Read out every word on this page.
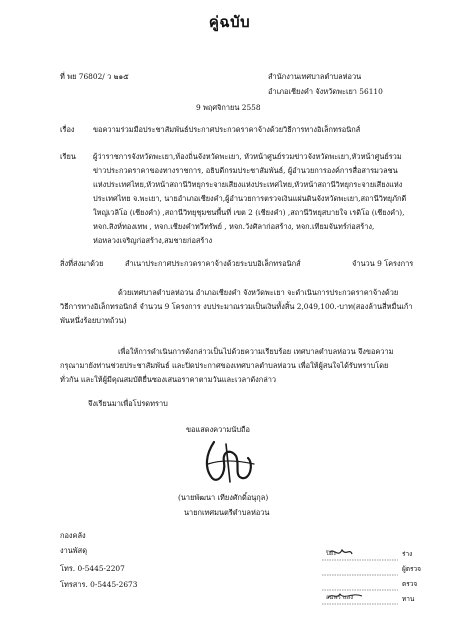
คู่ฉบับ
ที่ พย 76802/ ว ๒๑๕	สำนักงานเทศบาลตำบลห่อวน
อำเภอเชียงคำ จังหวัดพะเยา 56110
9 พฤศจิกายน 2558
เรื่อง ขอความร่วมมือประชาสัมพันธ์ประกาศประกวดราคาจ้างด้วยวิธีการทางอิเล็กทรอนิกส์
เรียน ผู้ว่าราชการจังหวัดพะเยา,ท้องถิ่นจังหวัดพะเยา, หัวหน้าศูนย์รวมข่าวจังหวัดพะเยา,หัวหน้าศูนย์รวม
ข่าวประกวดราคาของทางราชการ, อธิบดีกรมประชาสัมพันธ์, ผู้อำนวยการองค์การสื่อสารมวลชน
แห่งประเทศไทย,หัวหน้าสถานีวิทยุกระจายเสียงแห่งประเทศไทย,หัวหน้าสถานีวิทยุกระจายเสียงแห่ง
ประเทศไทย จ.พะเยา, นายอำเภอเชียงคำ,ผู้อำนวยการตรวจเงินแผ่นดินจังหวัดพะเยา,สถานีวิทยุภักดี
ใหญ่เวลิโอ (เชียงคำ) ,สถานีวิทยุชุมชนพื้นที่ เขต 2 (เชียงคำ) ,สถานีวิทยุสบายใจ เรดิโอ (เชียงคำ),
หจก.สิงห์ทองเทพ , หจก.เชียงคำทวีทรัพย์ , หจก.วังศิลาก่อสร้าง, หจก.เทียมจันทร์ก่อสร้าง,
ห่อหลวงเจริญก่อสร้าง,สมชายก่อสร้าง
สิ่งที่ส่งมาด้วย	สำเนาประกาศประกวดราคาจ้างด้วยระบบอิเล็กทรอนิกส์	จำนวน 9 โครงการ
ด้วยเทศบาลตำบลห่อวน อำเภอเชียงคำ จังหวัดพะเยา จะดำเนินการประกวดราคาจ้างด้วย
วิธีการทางอิเล็กทรอนิกส์ จำนวน 9 โครงการ งบประมาณรวมเป็นเงินทั้งสิ้น 2,049,100.-บาท(สองล้านสี่หมื่นเก้า
พันหนึ่งร้อยบาทถ้วน)
เพื่อให้การดำเนินการดังกล่าวเป็นไปด้วยความเรียบร้อย เทศบาลตำบลห่อวน จึงขอความ
กรุณามายังท่านช่วยประชาสัมพันธ์ และปิดประกาศของเทศบาลตำบลห่อวน เพื่อให้ผู้สนใจได้รับทราบโดย
ทั่วกัน และให้ผู้มีคุณสมบัติยื่นซองเสนอราคาตามวันและเวลาดังกล่าว
จึงเรียนมาเพื่อโปรดทราบ
ขอแสดงความนับถือ
(นายพัฒนา เทียงศักดิ์อนุกุล)
นายกเทศมนตรีตำบลห่อวน
กองคลัง
งานพัสดุ
โทร. 0-5445-2207
โทรสาร. 0-5445-2673
ปิยะ	ร่าง
ผู้ตรวจ
ตรวจ
สมพร แสง	ทาน
